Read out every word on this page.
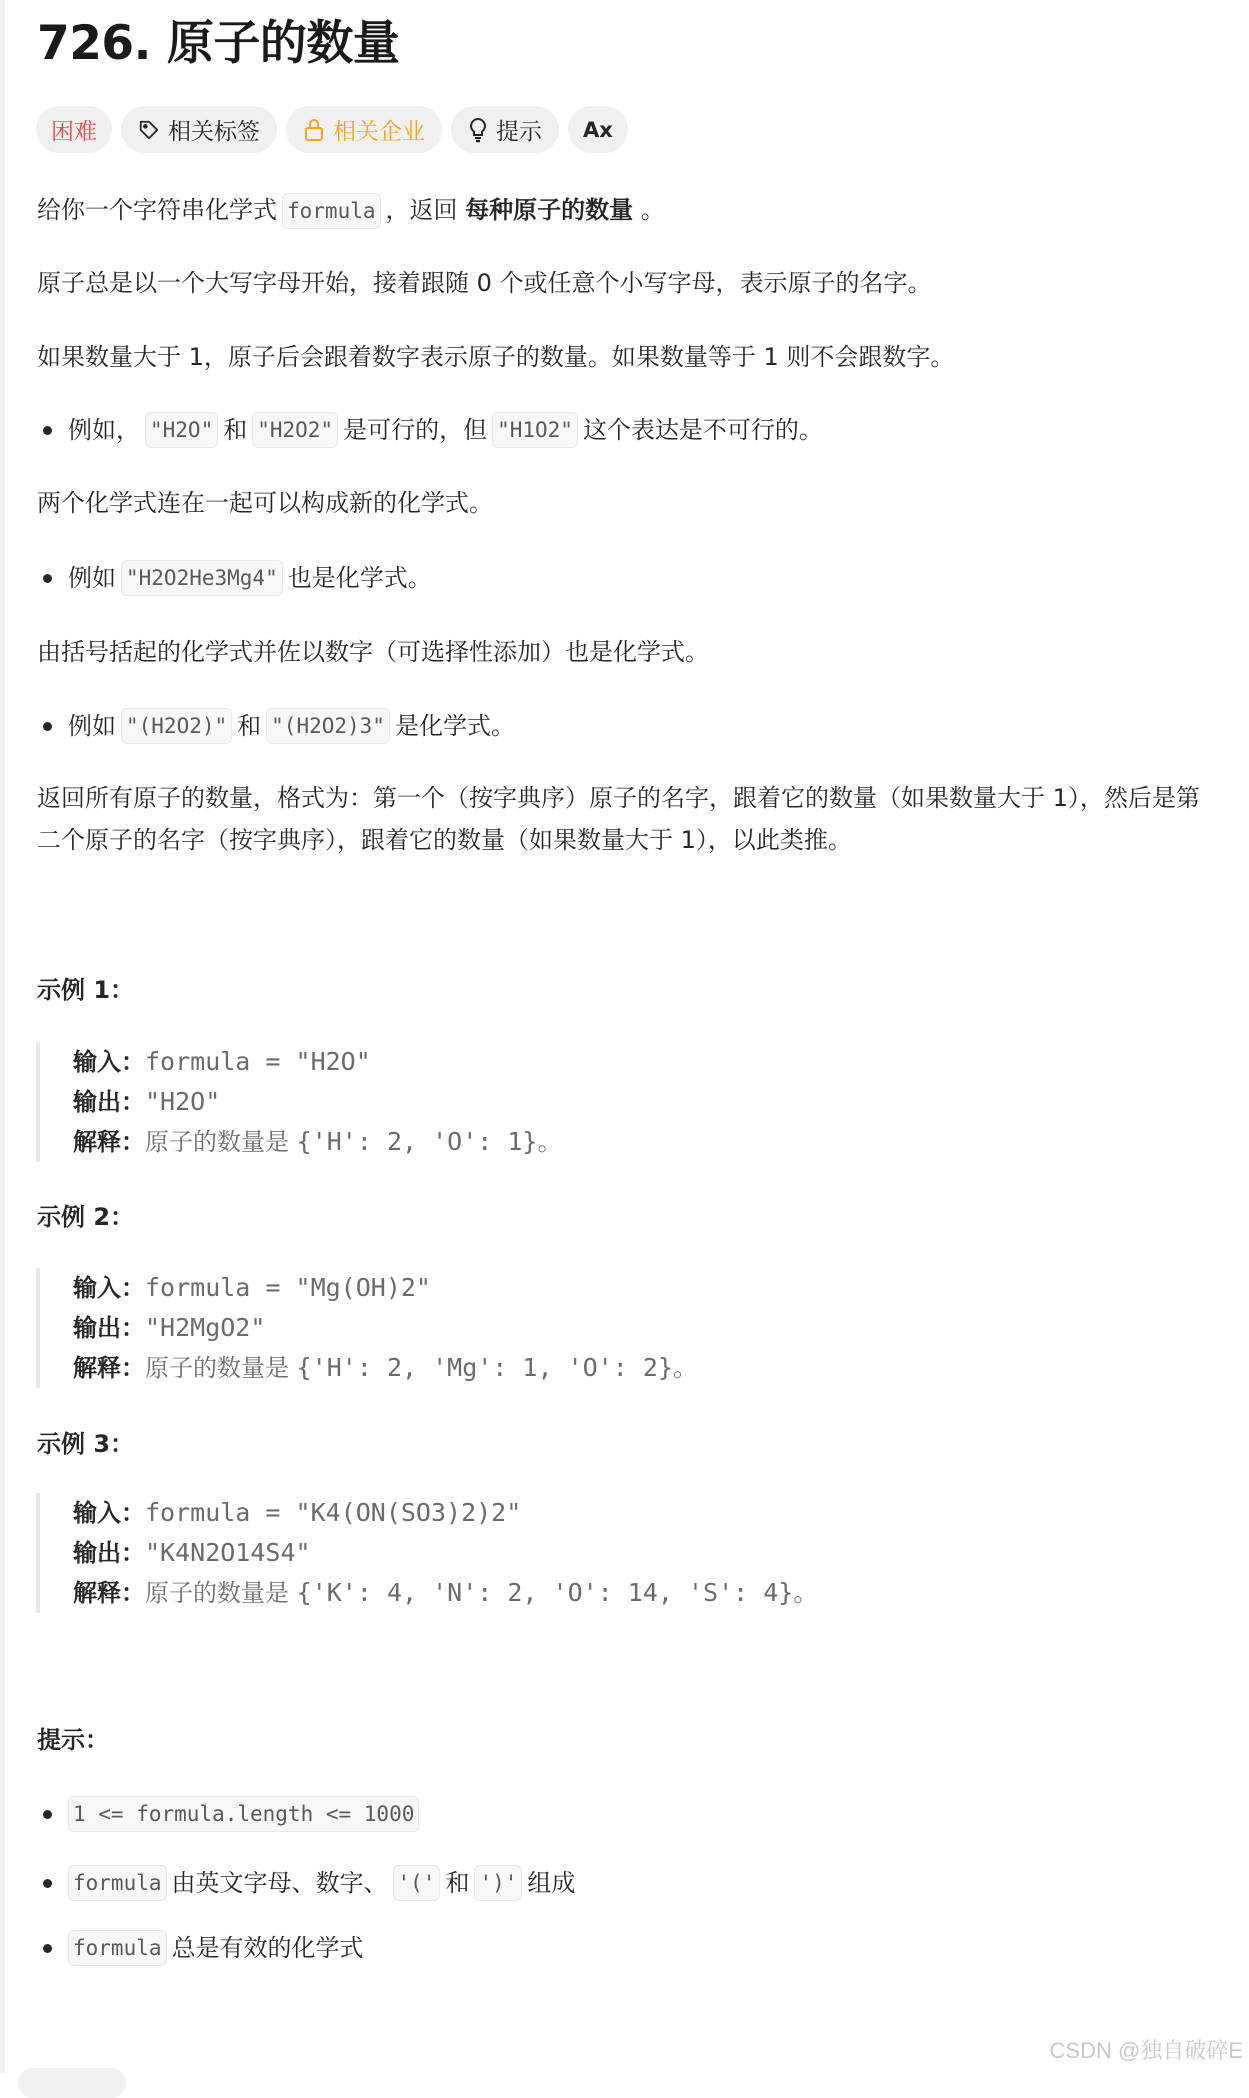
726. 原子的数量
困难	相关标签	相关企业	提示 Ax
给你一个字符串化学式 formula ，返回 每种原子的数量 。
原子总是以一个大写字母开始，接着跟随 0 个或任意个小写字母，表示原子的名字。
如果数量大于 1，原子后会跟着数字表示原子的数量。如果数量等于 1 则不会跟数字。
例如， "H2O" 和 "H2O2" 是可行的，但 "H1O2" 这个表达是不可行的。
两个化学式连在一起可以构成新的化学式。
例如 "H2O2He3Mg4" 也是化学式。
由括号括起的化学式并佐以数字（可选择性添加）也是化学式。
例如 "(H2O2)" 和 "(H2O2)3" 是化学式。
返回所有原子的数量，格式为：第一个（按字典序）原子的名字，跟着它的数量（如果数量大于 1），然后是第二个原子的名字（按字典序），跟着它的数量（如果数量大于 1），以此类推。
示例 1：
输入：formula = "H2O"
输出："H2O"
解释：原子的数量是 {'H': 2, 'O': 1}。
示例 2：
输入：formula = "Mg(OH)2"
输出："H2MgO2"
解释：原子的数量是 {'H': 2, 'Mg': 1, 'O': 2}。
示例 3：
输入：formula = "K4(ON(SO3)2)2"
输出："K4N2O14S4"
解释：原子的数量是 {'K': 4, 'N': 2, 'O': 14, 'S': 4}。
提示：
1 <= formula.length <= 1000
formula 由英文字母、数字、 '(' 和 ')' 组成
formula 总是有效的化学式
CSDN @独自破碎E
